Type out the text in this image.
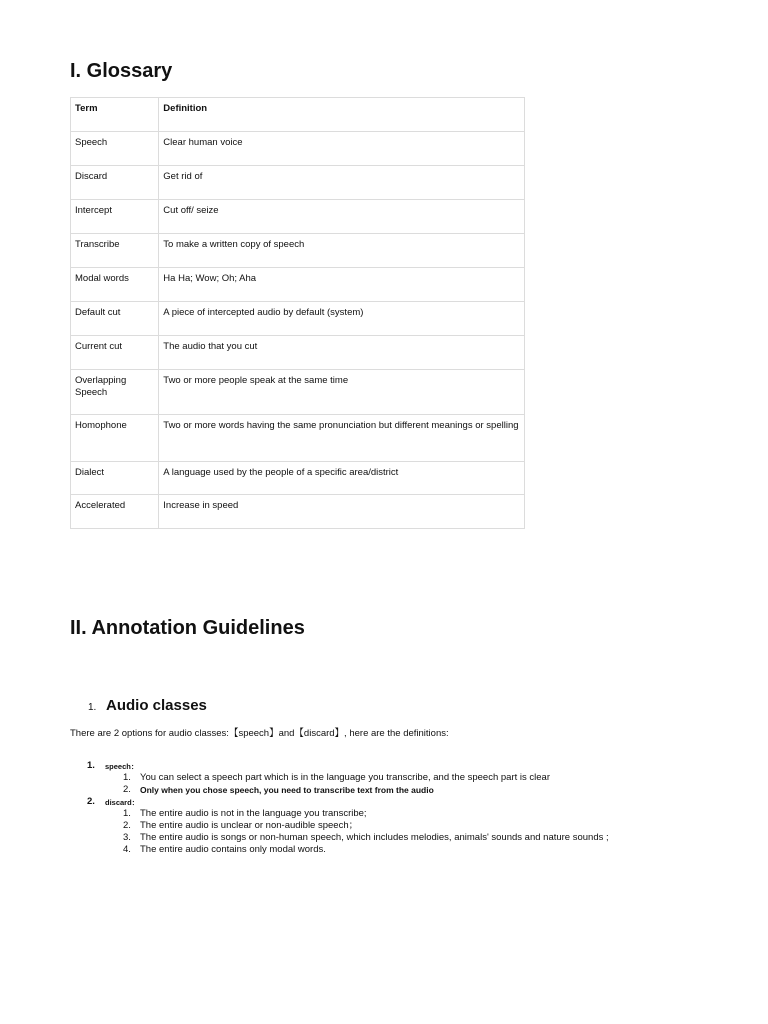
I. Glossary
Term	Definition
Speech	Clear human voice
Discard	Get rid of
Intercept	Cut off/ seize
Transcribe	To make a written copy of speech
Modal words	Ha Ha; Wow; Oh; Aha
Default cut	A piece of intercepted audio by default (system)
Current cut	The audio that you cut
Overlapping Speech	Two or more people speak at the same time
Homophone	Two or more words having the same pronunciation but different meanings or spelling
Dialect	A language used by the people of a specific area/district
Accelerated	Increase in speed
II. Annotation Guidelines
1. Audio classes

There are 2 options for audio classes:【speech】and【discard】, here are the definitions:

1. speech：
1. You can select a speech part which is in the language you transcribe, and the speech part is clear
2. Only when you chose speech, you need to transcribe text from the audio
2. discard：
1. The entire audio is not in the language you transcribe;
2. The entire audio is unclear or non-audible speech；
3. The entire audio is songs or non-human speech, which includes melodies, animals' sounds and nature sounds ;
4. The entire audio contains only modal words.
